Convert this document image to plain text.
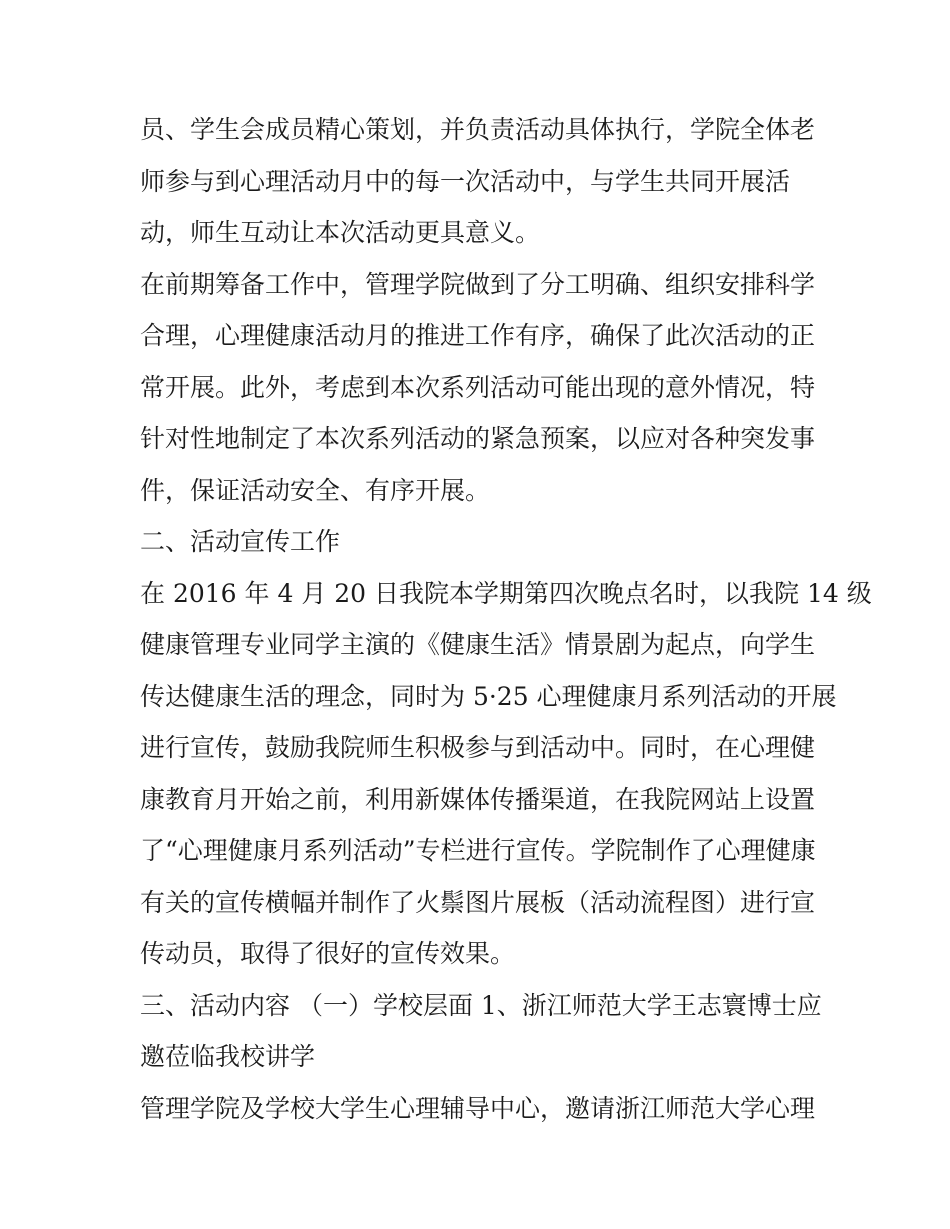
员、学生会成员精心策划，并负责活动具体执行，学院全体老
师参与到心理活动月中的每一次活动中，与学生共同开展活
动，师生互动让本次活动更具意义。
在前期筹备工作中，管理学院做到了分工明确、组织安排科学
合理，心理健康活动月的推进工作有序，确保了此次活动的正
常开展。此外，考虑到本次系列活动可能出现的意外情况，特
针对性地制定了本次系列活动的紧急预案，以应对各种突发事
件，保证活动安全、有序开展。
二、活动宣传工作
在 2016 年 4 月 20 日我院本学期第四次晚点名时，以我院 14 级
健康管理专业同学主演的《健康生活》情景剧为起点，向学生
传达健康生活的理念，同时为 5·25 心理健康月系列活动的开展
进行宣传，鼓励我院师生积极参与到活动中。同时，在心理健
康教育月开始之前，利用新媒体传播渠道，在我院网站上设置
了“心理健康月系列活动”专栏进行宣传。学院制作了心理健康
有关的宣传横幅并制作了火鬃图片展板（活动流程图）进行宣
传动员，取得了很好的宣传效果。
三、活动内容 （一）学校层面 1、浙江师范大学王志寰博士应
邀莅临我校讲学
管理学院及学校大学生心理辅导中心，邀请浙江师范大学心理
